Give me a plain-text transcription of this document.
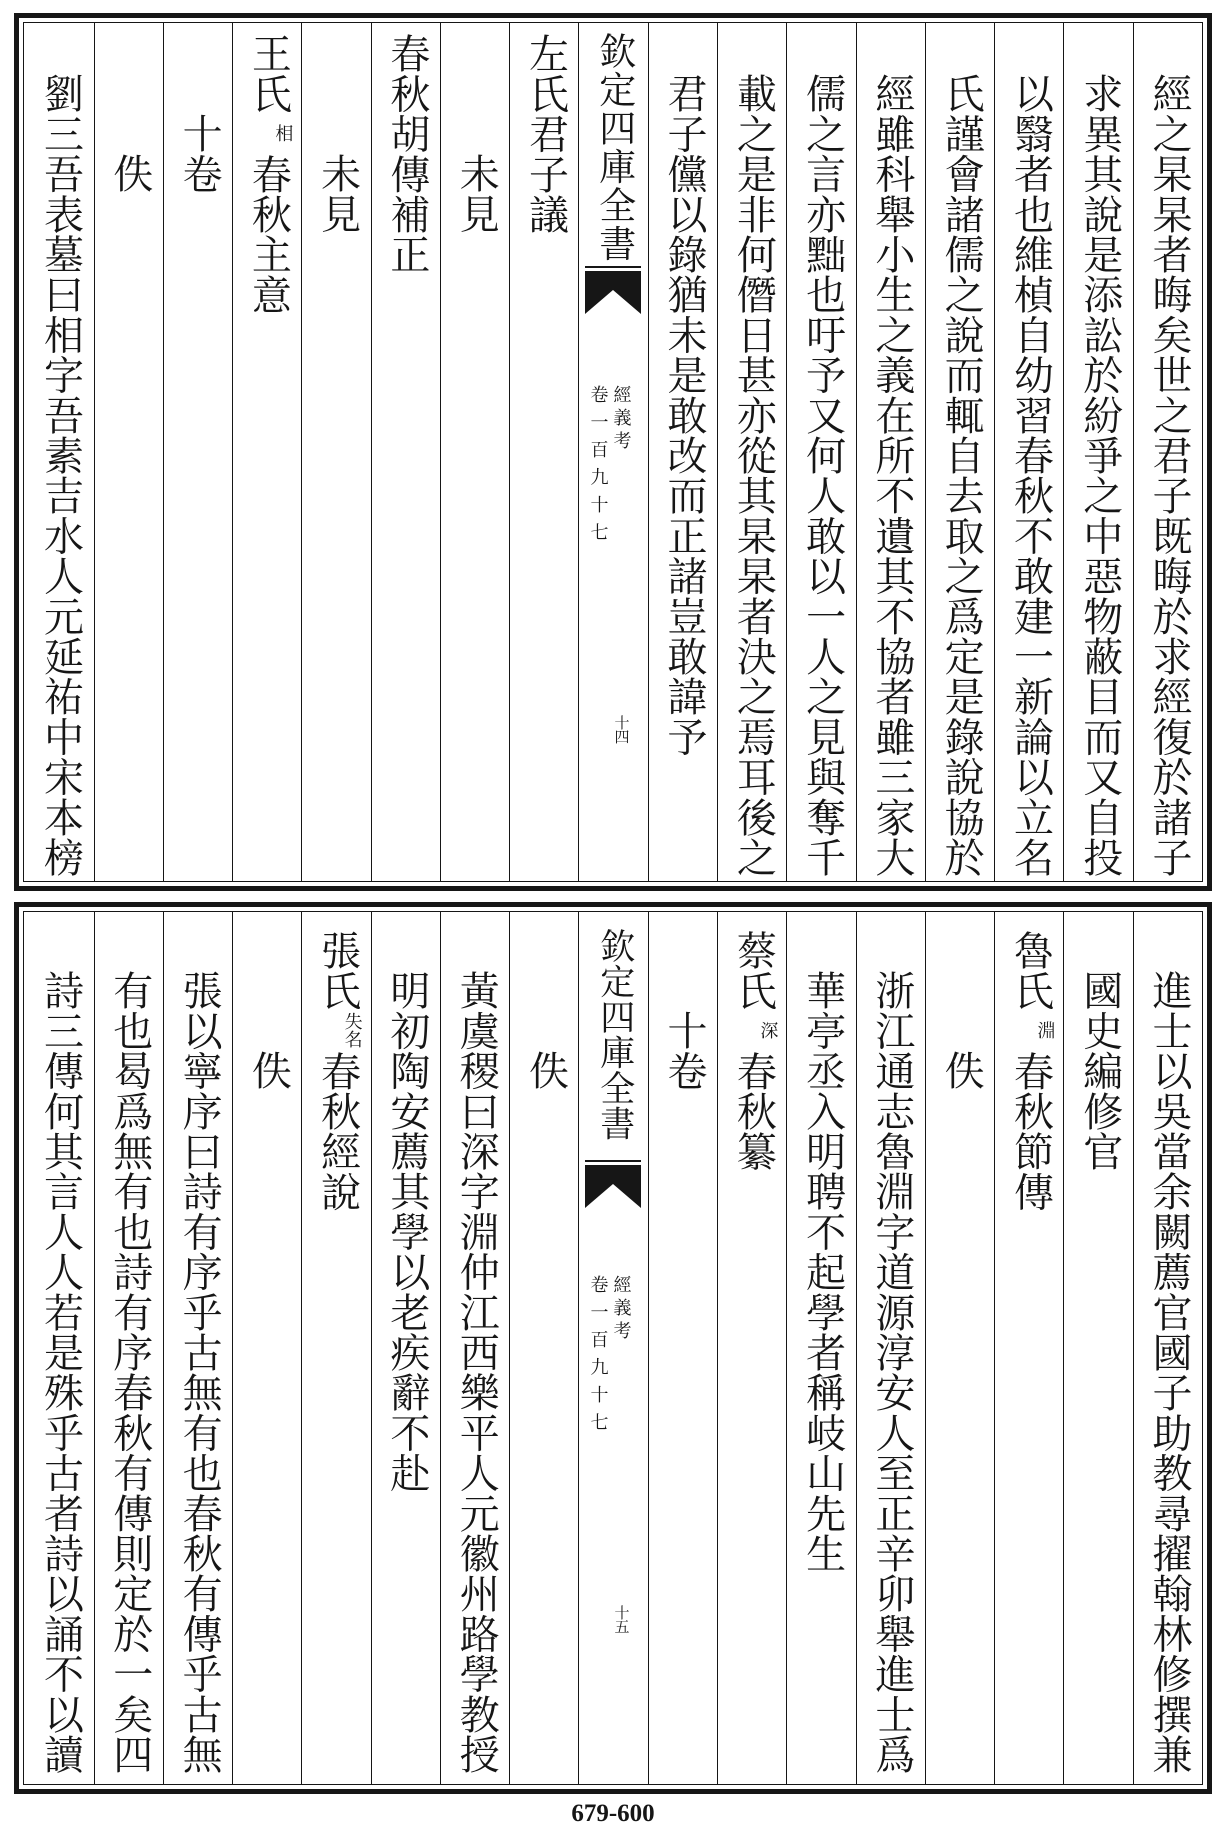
經之杲杲者晦矣世之君子既晦於求經復於諸子
求異其說是添訟於紛爭之中惡物蔽目而又自投
以翳者也維楨自幼習春秋不敢建一新論以立名
氏謹會諸儒之說而輒自去取之爲定是錄說協於
經雖科舉小生之義在所不遺其不協者雖三家大
儒之言亦黜也吁予又何人敢以一人之見與奪千
載之是非何僭日甚亦從其杲杲者決之焉耳後之
君子儻以錄猶未是敢改而正諸豈敢諱予
欽定四庫全書
經義考
卷一百九十七
十四
左氏君子議
未見
春秋胡傳補正
未見
王氏相春秋主意
十卷
佚
劉三吾表墓曰相字吾素吉水人元延祐中宋本榜
進士以吳當余闕薦官國子助教尋擢翰林修撰兼
國史編修官
魯氏淵春秋節傳
佚
浙江通志魯淵字道源淳安人至正辛卯舉進士爲
華亭丞入明聘不起學者稱岐山先生
蔡氏深春秋纂
十卷
欽定四庫全書
經義考
卷一百九十七
十五
佚
黃虞稷曰深字淵仲江西樂平人元徽州路學教授
明初陶安薦其學以老疾辭不赴
張氏失名春秋經說
佚
張以寧序曰詩有序乎古無有也春秋有傳乎古無
有也曷爲無有也詩有序春秋有傳則定於一矣四
詩三傳何其言人人若是殊乎古者詩以誦不以讀
679-600
